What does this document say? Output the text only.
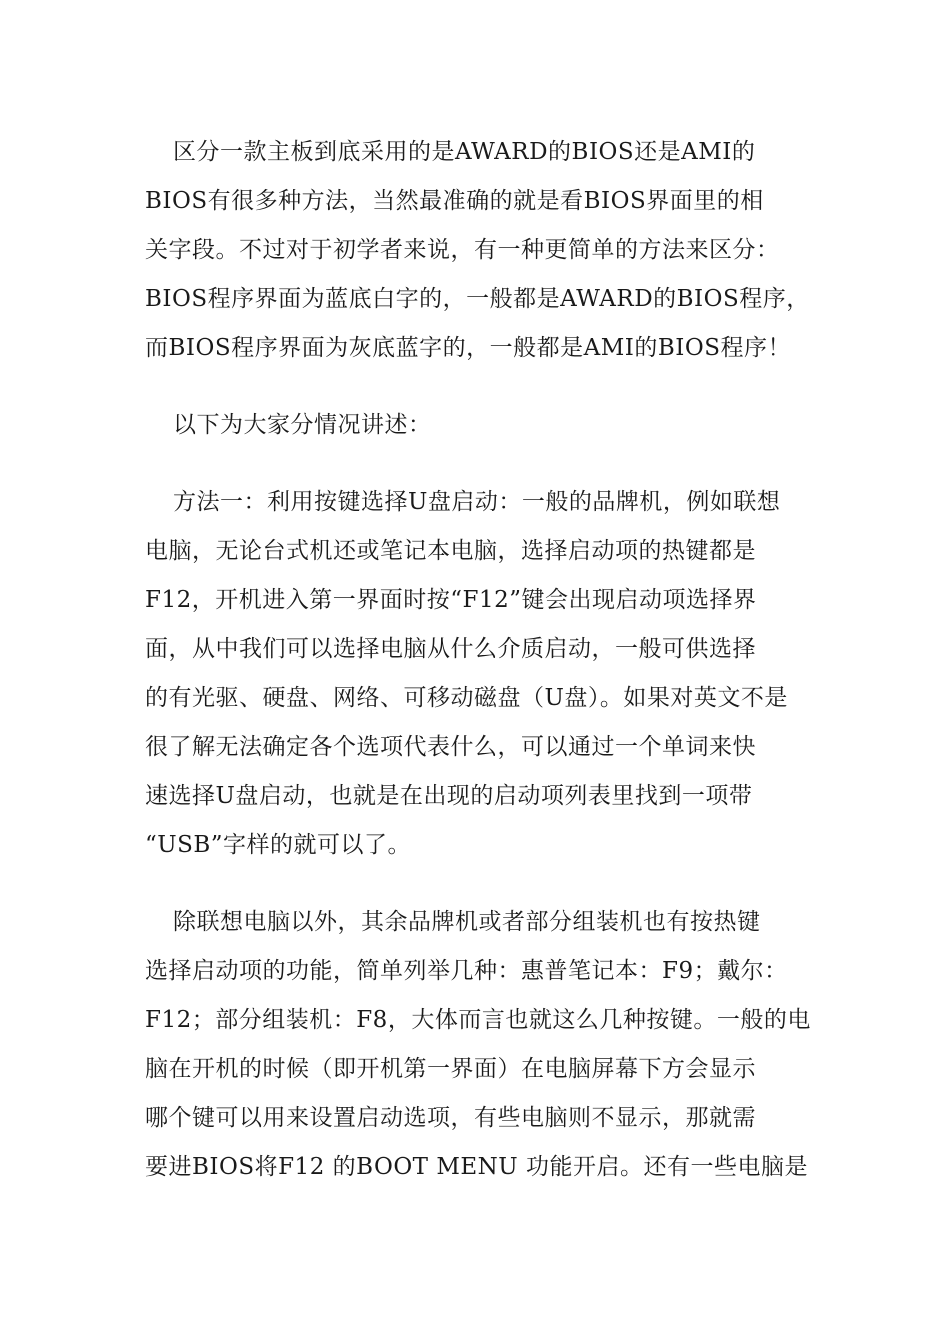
区分一款主板到底采用的是AWARD的BIOS还是AMI的
BIOS有很多种方法，当然最准确的就是看BIOS界面里的相
关字段。不过对于初学者来说，有一种更简单的方法来区分：
BIOS程序界面为蓝底白字的，一般都是AWARD的BIOS程序，
而BIOS程序界面为灰底蓝字的，一般都是AMI的BIOS程序！

以下为大家分情况讲述：

方法一：利用按键选择U盘启动：一般的品牌机，例如联想
电脑，无论台式机还或笔记本电脑，选择启动项的热键都是
F12，开机进入第一界面时按“F12”键会出现启动项选择界
面，从中我们可以选择电脑从什么介质启动，一般可供选择
的有光驱、硬盘、网络、可移动磁盘（U盘）。如果对英文不是
很了解无法确定各个选项代表什么，可以通过一个单词来快
速选择U盘启动，也就是在出现的启动项列表里找到一项带
“USB”字样的就可以了。

除联想电脑以外，其余品牌机或者部分组装机也有按热键
选择启动项的功能，简单列举几种：惠普笔记本：F9；戴尔：
F12；部分组装机：F8，大体而言也就这么几种按键。一般的电
脑在开机的时候（即开机第一界面）在电脑屏幕下方会显示
哪个键可以用来设置启动选项，有些电脑则不显示，那就需
要进BIOS将F12 的BOOT MENU 功能开启。还有一些电脑是
